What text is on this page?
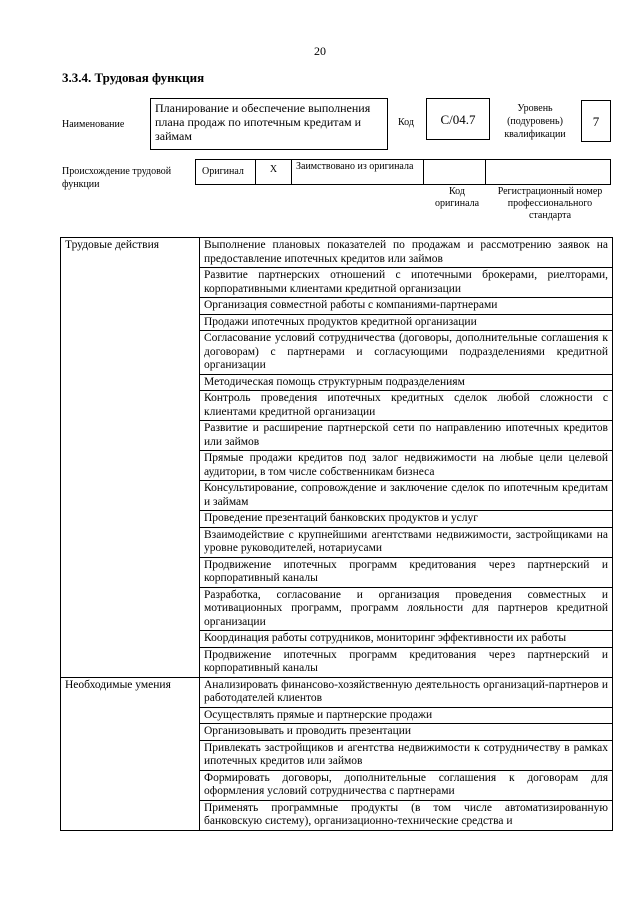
20
3.3.4. Трудовая функция
Наименование
Планирование и обеспечение выполнения плана продаж по ипотечным кредитам и займам
Код	C/04.7
Уровень (подуровень) квалификации
7
Происхождение трудовой функции
Оригинал	X	Заимствовано из оригинала
Код оригинала
Регистрационный номер профессионального стандарта
Трудовые действия	Выполнение плановых показателей по продажам и рассмотрению заявок на предоставление ипотечных кредитов или займов
	Развитие партнерских отношений с ипотечными брокерами, риелторами, корпоративными клиентами кредитной организации
	Организация совместной работы с компаниями-партнерами
	Продажи ипотечных продуктов кредитной организации
	Согласование условий сотрудничества (договоры, дополнительные соглашения к договорам) с партнерами и согласующими подразделениями кредитной организации
	Методическая помощь структурным подразделениям
	Контроль проведения ипотечных кредитных сделок любой сложности с клиентами кредитной организации
	Развитие и расширение партнерской сети по направлению ипотечных кредитов или займов
	Прямые продажи кредитов под залог недвижимости на любые цели целевой аудитории, в том числе собственникам бизнеса
	Консультирование, сопровождение и заключение сделок по ипотечным кредитам и займам
	Проведение презентаций банковских продуктов и услуг
	Взаимодействие с крупнейшими агентствами недвижимости, застройщиками на уровне руководителей, нотариусами
	Продвижение ипотечных программ кредитования через партнерский и корпоративный каналы
	Разработка, согласование и организация проведения совместных и мотивационных программ, программ лояльности для партнеров кредитной организации
	Координация работы сотрудников, мониторинг эффективности их работы
	Продвижение ипотечных программ кредитования через партнерский и корпоративный каналы
Необходимые умения	Анализировать финансово-хозяйственную деятельность организаций-партнеров и работодателей клиентов
	Осуществлять прямые и партнерские продажи
	Организовывать и проводить презентации
	Привлекать застройщиков и агентства недвижимости к сотрудничеству в рамках ипотечных кредитов или займов
	Формировать договоры, дополнительные соглашения к договорам для оформления условий сотрудничества с партнерами
	Применять программные продукты (в том числе автоматизированную банковскую систему), организационно-технические средства и
